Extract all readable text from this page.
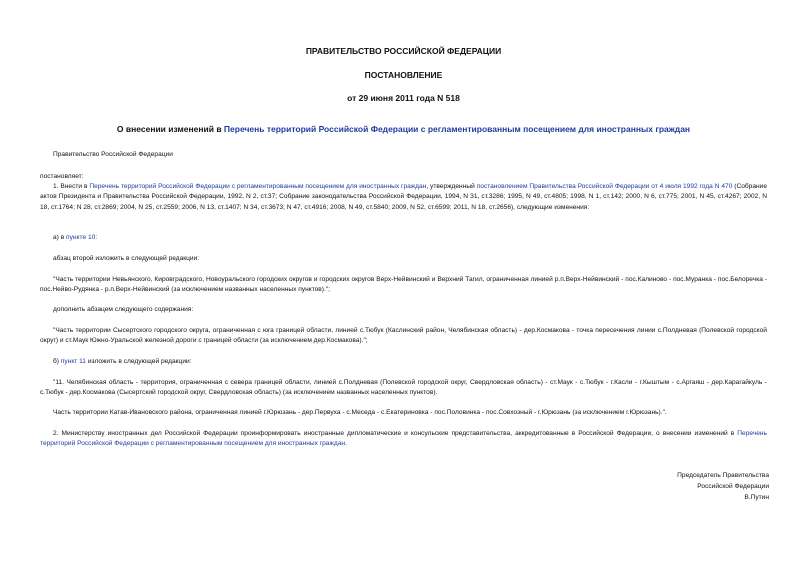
ПРАВИТЕЛЬСТВО РОССИЙСКОЙ ФЕДЕРАЦИИ
ПОСТАНОВЛЕНИЕ
от 29 июня 2011 года N 518
О внесении изменений в Перечень территорий Российской Федерации с регламентированным посещением для иностранных граждан
Правительство Российской Федерации
постановляет:
1. Внести в Перечень территорий Российской Федерации с регламентированным посещением для иностранных граждан, утвержденный постановлением Правительства Российской Федерации от 4 июля 1992 года N 470 (Собрание актов Президента и Правительства Российской Федерации, 1992, N 2, ст.37; Собрание законодательства Российской Федерации, 1994, N 31, ст.3286; 1995, N 49, ст.4805; 1998, N 1, ст.142; 2000, N 6, ст.775; 2001, N 45, ст.4267; 2002, N 18, ст.1764; N 28, ст.2869; 2004, N 25, ст.2559; 2006, N 13, ст.1407; N 34, ст.3673; N 47, ст.4916; 2008, N 49, ст.5840; 2009, N 52, ст.6599; 2011, N 18, ст.2656), следующие изменения:
а) в пункте 10:
абзац второй изложить в следующей редакции:
"Часть территории Невьянского, Кировградского, Новоуральского городских округов и городских округов Верх-Нейвинский и Верхний Тагил, ограниченная линией р.п.Верх-Нейвинский - пос.Калиново - пос.Муранка - пос.Белоречка - пос.Нейво-Рудянка - р.п.Верх-Нейвинский (за исключением названных населенных пунктов).";
дополнить абзацем следующего содержания:
"Часть территории Сысертского городского округа, ограниченная с юга границей области, линией с.Тюбук (Каслинский район, Челябинская область) - дер.Космакова - точка пересечения линии с.Полдневая (Полевской городской округ) и ст.Маук Южно-Уральской железной дороги с границей области (за исключением дер.Космакова).";
б) пункт 11 изложить в следующей редакции:
"11. Челябинская область - территория, ограниченная с севера границей области, линией с.Полдневая (Полевской городской округ, Свердловская область) - ст.Маук - с.Тюбук - г.Касли - г.Кыштым - с.Аргаяш - дер.Карагайкуль - с.Тюбук - дер.Космакова (Сысертский городской округ, Свердловская область) (за исключением названных населенных пунктов).
Часть территории Катав-Ивановского района, ограниченная линией г.Юрюзань - дер.Первуха - с.Меседа - с.Екатериновка - пос.Половинка - пос.Совхозный - г.Юрюзань (за исключением г.Юрюзань).".
2. Министерству иностранных дел Российской Федерации проинформировать иностранные дипломатические и консульские представительства, аккредитованные в Российской Федерации, о внесении изменений в Перечень территорий Российской Федерации с регламентированным посещением для иностранных граждан.
Председатель Правительства
Российской Федерации
В.Путин
